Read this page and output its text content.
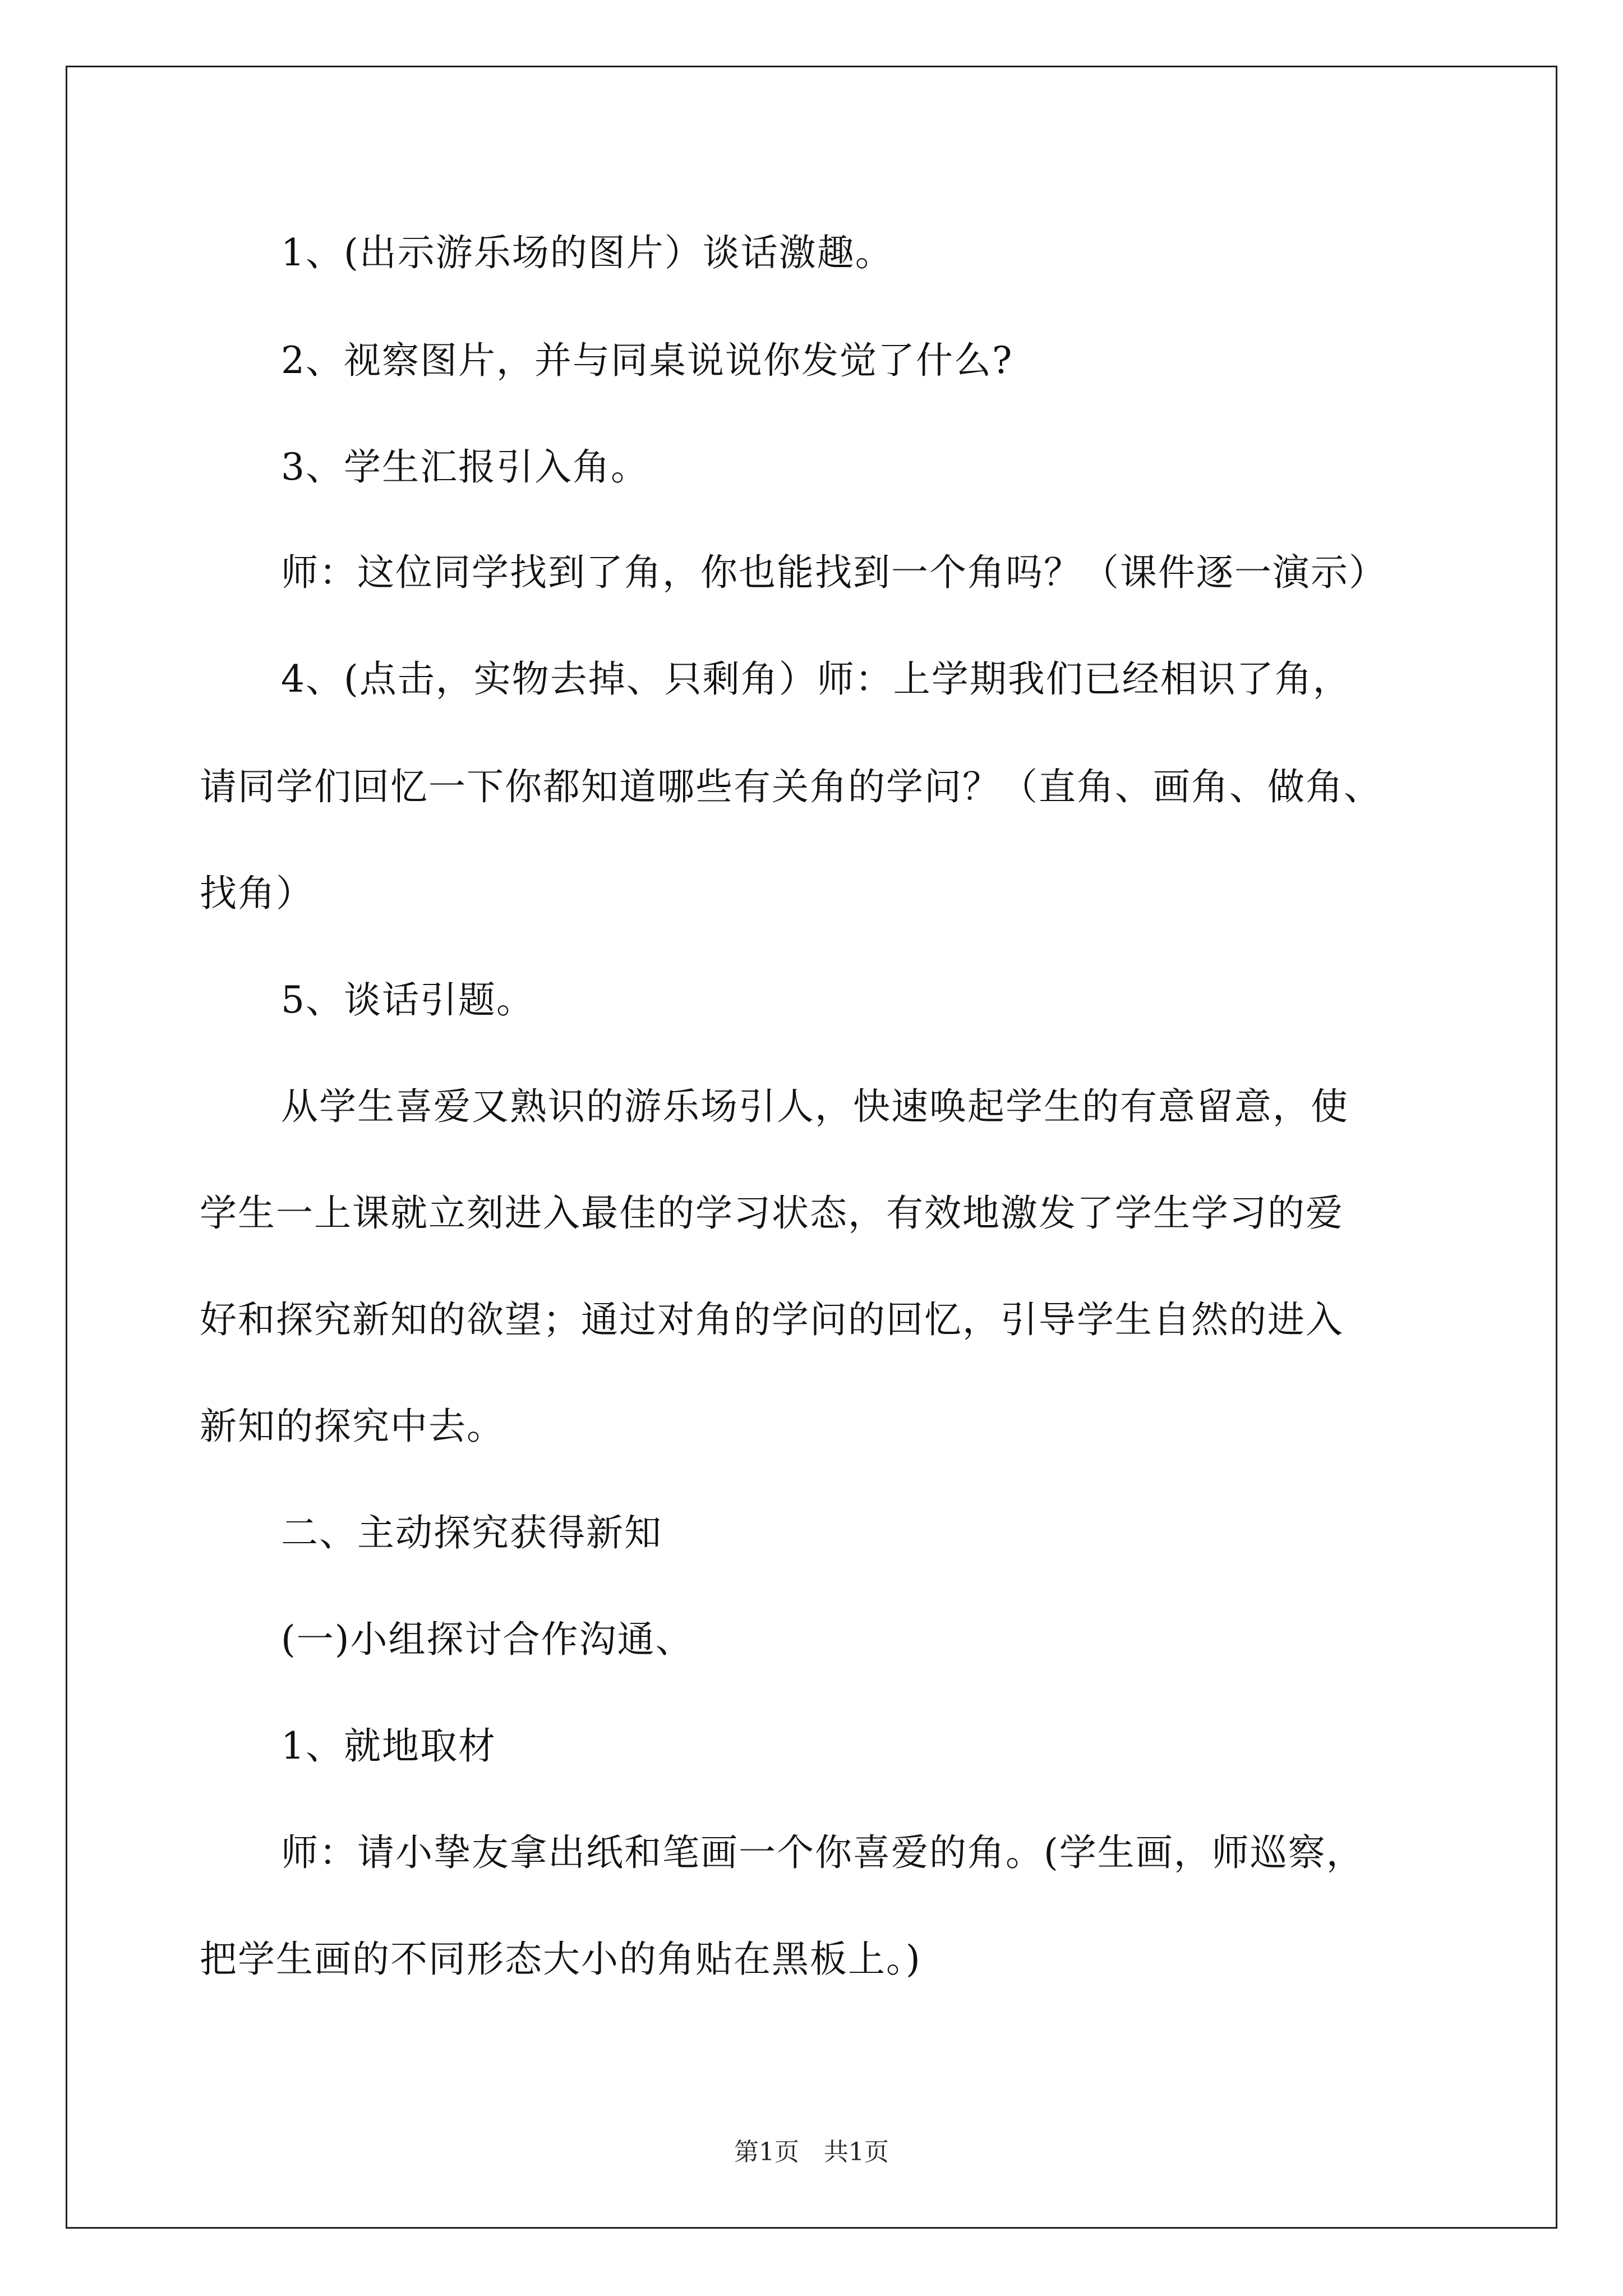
1、(出示游乐场的图片）谈话激趣。
2、视察图片，并与同桌说说你发觉了什么?
3、学生汇报引入角。
师：这位同学找到了角，你也能找到一个角吗？（课件逐一演示）
4、(点击，实物去掉、只剩角）师：上学期我们已经相识了角，
请同学们回忆一下你都知道哪些有关角的学问？（直角、画角、做角、
找角）
5、谈话引题。
从学生喜爱又熟识的游乐场引人，快速唤起学生的有意留意，使
学生一上课就立刻进入最佳的学习状态，有效地激发了学生学习的爱
好和探究新知的欲望；通过对角的学问的回忆，引导学生自然的进入
新知的探究中去。
二、主动探究获得新知
(一)小组探讨合作沟通、
1、就地取材
师：请小挚友拿出纸和笔画一个你喜爱的角。(学生画，师巡察，
把学生画的不同形态大小的角贴在黑板上。)
第1页　共1页
